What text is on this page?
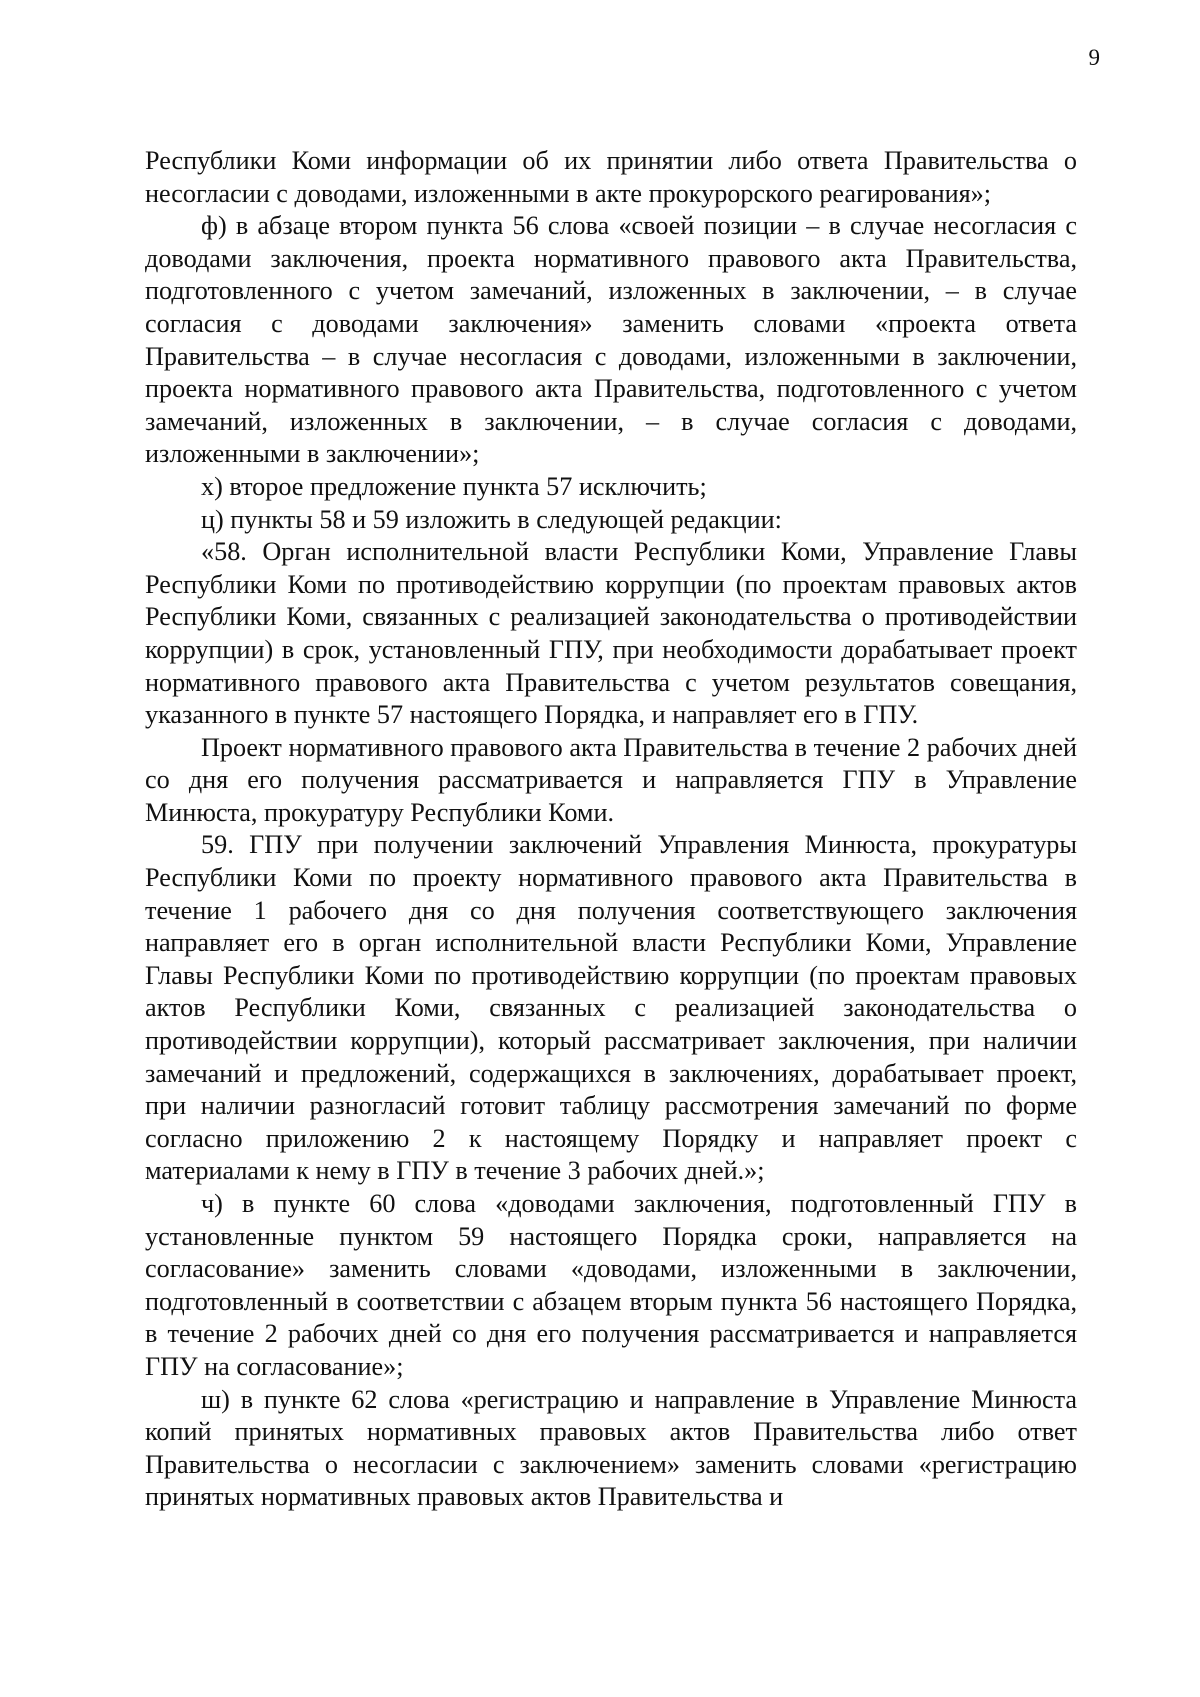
9

Республики Коми информации об их принятии либо ответа Правительства о несогласии с доводами, изложенными в акте прокурорского реагирования»;

ф) в абзаце втором пункта 56 слова «своей позиции – в случае несогласия с доводами заключения, проекта нормативного правового акта Правительства, подготовленного с учетом замечаний, изложенных в заключении, – в случае согласия с доводами заключения» заменить словами «проекта ответа Правительства – в случае несогласия с доводами, изложенными в заключении, проекта нормативного правового акта Правительства, подготовленного с учетом замечаний, изложенных в заключении, – в случае согласия с доводами, изложенными в заключении»;

х) второе предложение пункта 57 исключить;

ц) пункты 58 и 59 изложить в следующей редакции:

«58. Орган исполнительной власти Республики Коми, Управление Главы Республики Коми по противодействию коррупции (по проектам правовых актов Республики Коми, связанных с реализацией законодательства о противодействии коррупции) в срок, установленный ГПУ, при необходимости дорабатывает проект нормативного правового акта Правительства с учетом результатов совещания, указанного в пункте 57 настоящего Порядка, и направляет его в ГПУ.

Проект нормативного правового акта Правительства в течение 2 рабочих дней со дня его получения рассматривается и направляется ГПУ в Управление Минюста, прокуратуру Республики Коми.

59. ГПУ при получении заключений Управления Минюста, прокуратуры Республики Коми по проекту нормативного правового акта Правительства в течение 1 рабочего дня со дня получения соответствующего заключения направляет его в орган исполнительной власти Республики Коми, Управление Главы Республики Коми по противодействию коррупции (по проектам правовых актов Республики Коми, связанных с реализацией законодательства о противодействии коррупции), который рассматривает заключения, при наличии замечаний и предложений, содержащихся в заключениях, дорабатывает проект, при наличии разногласий готовит таблицу рассмотрения замечаний по форме согласно приложению 2 к настоящему Порядку и направляет проект с материалами к нему в ГПУ в течение 3 рабочих дней.»;

ч) в пункте 60 слова «доводами заключения, подготовленный ГПУ в установленные пунктом 59 настоящего Порядка сроки, направляется на согласование» заменить словами «доводами, изложенными в заключении, подготовленный в соответствии с абзацем вторым пункта 56 настоящего Порядка, в течение 2 рабочих дней со дня его получения рассматривается и направляется ГПУ на согласование»;

ш) в пункте 62 слова «регистрацию и направление в Управление Минюста копий принятых нормативных правовых актов Правительства либо ответ Правительства о несогласии с заключением» заменить словами «регистрацию принятых нормативных правовых актов Правительства и
